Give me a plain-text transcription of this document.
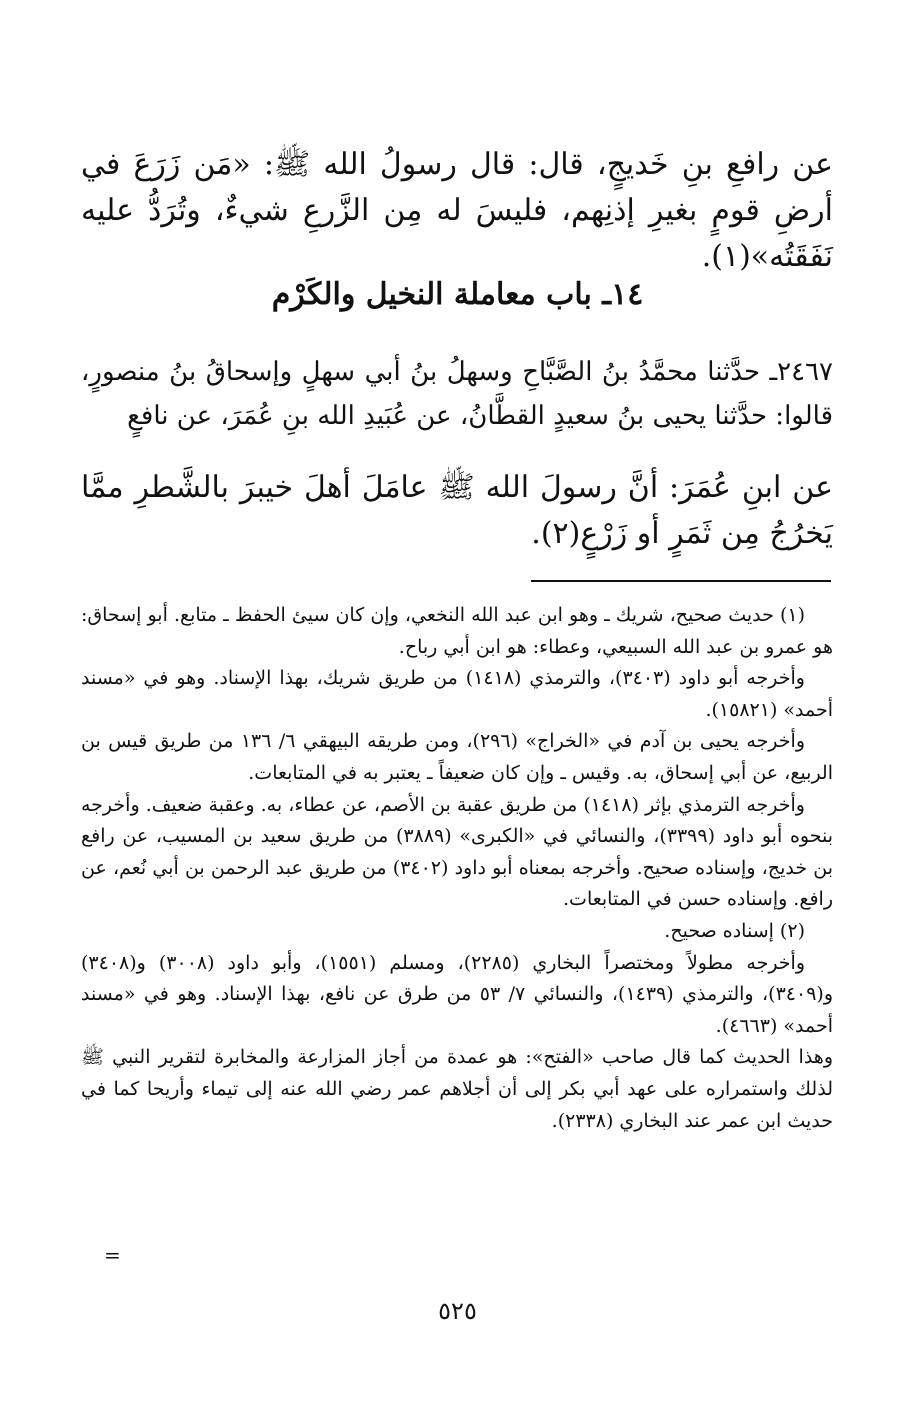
عن رافعِ بنِ خَديجٍ، قال: قال رسولُ الله ﷺ: «مَن زَرَعَ في أرضِ قومٍ بغيرِ إذنِهم، فليسَ له مِن الزَّرعِ شيءٌ، وتُرَدُّ عليه نَفَقَتُه»(١).

١٤ـ باب معاملة النخيل والكَرْم

٢٤٦٧ـ حدَّثنا محمَّدُ بنُ الصَّبَّاحِ وسهلُ بنُ أبي سهلٍ وإسحاقُ بنُ منصورٍ، قالوا: حدَّثنا يحيى بنُ سعيدٍ القطَّانُ، عن عُبَيدِ الله بنِ عُمَرَ، عن نافعٍ

عن ابنِ عُمَرَ: أنَّ رسولَ الله ﷺ عامَلَ أهلَ خيبرَ بالشَّطرِ ممَّا يَخرُجُ مِن ثَمَرٍ أو زَرْعٍ(٢).

(١) حديث صحيح، شريك ـ وهو ابن عبد الله النخعي، وإن كان سيئ الحفظ ـ متابع. أبو إسحاق: هو عمرو بن عبد الله السبيعي، وعطاء: هو ابن أبي رباح.

وأخرجه أبو داود (٣٤٠٣)، والترمذي (١٤١٨) من طريق شريك، بهذا الإسناد. وهو في «مسند أحمد» (١٥٨٢١).

وأخرجه يحيى بن آدم في «الخراج» (٢٩٦)، ومن طريقه البيهقي ٦/ ١٣٦ من طريق قيس بن الربيع، عن أبي إسحاق، به. وقيس ـ وإن كان ضعيفاً ـ يعتبر به في المتابعات.

وأخرجه الترمذي بإثر (١٤١٨) من طريق عقبة بن الأصم، عن عطاء، به. وعقبة ضعيف. وأخرجه بنحوه أبو داود (٣٣٩٩)، والنسائي في «الكبرى» (٣٨٨٩) من طريق سعيد بن المسيب، عن رافع بن خديج، وإسناده صحيح. وأخرجه بمعناه أبو داود (٣٤٠٢) من طريق عبد الرحمن بن أبي نُعم، عن رافع. وإسناده حسن في المتابعات.

(٢) إسناده صحيح.

وأخرجه مطولاً ومختصراً البخاري (٢٢٨٥)، ومسلم (١٥٥١)، وأبو داود (٣٠٠٨) و(٣٤٠٨) و(٣٤٠٩)، والترمذي (١٤٣٩)، والنسائي ٧/ ٥٣ من طرق عن نافع، بهذا الإسناد. وهو في «مسند أحمد» (٤٦٦٣).

وهذا الحديث كما قال صاحب «الفتح»: هو عمدة من أجاز المزارعة والمخابرة لتقرير النبي ﷺ لذلك واستمراره على عهد أبي بكر إلى أن أجلاهم عمر رضي الله عنه إلى تيماء وأريحا كما في حديث ابن عمر عند البخاري (٢٣٣٨).

=
٥٢٥
